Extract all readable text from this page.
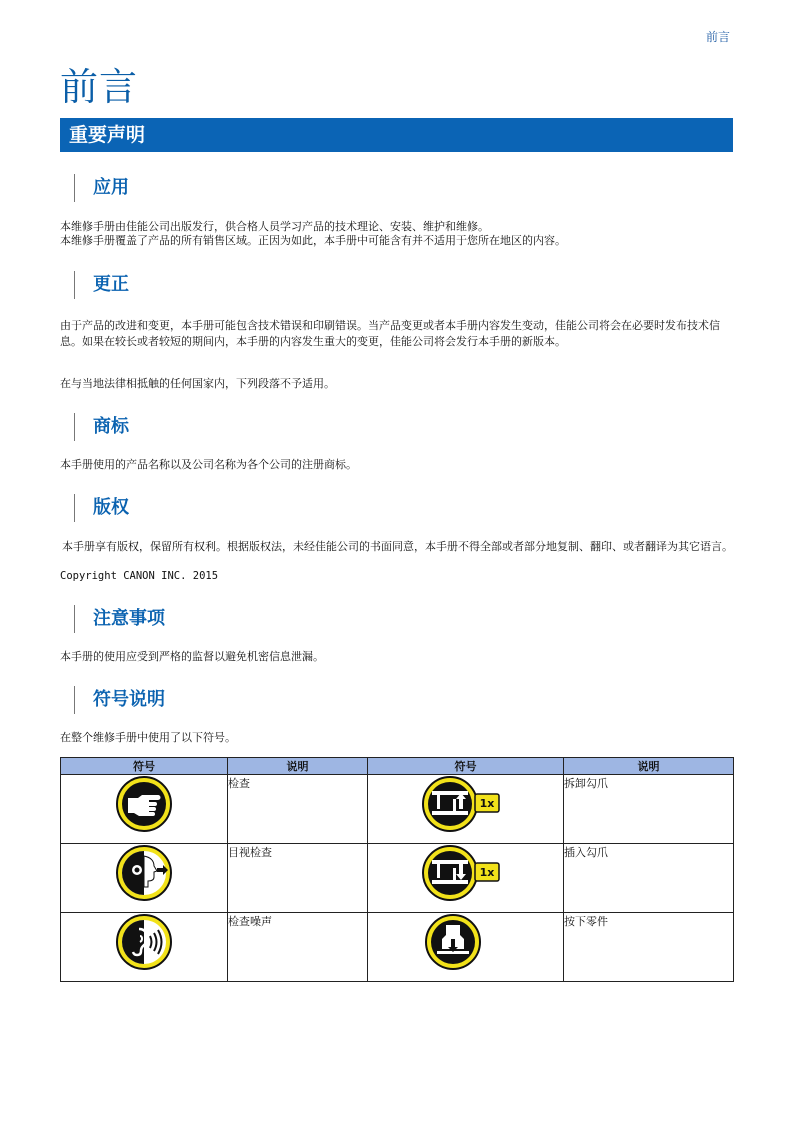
前言
前言
重要声明
应用

本维修手册由佳能公司出版发行，供合格人员学习产品的技术理论、安装、维护和维修。

本维修手册覆盖了产品的所有销售区域。正因为如此，本手册中可能含有并不适用于您所在地区的内容。

更正

由于产品的改进和变更，本手册可能包含技术错误和印刷错误。当产品变更或者本手册内容发生变动，佳能公司将会在必要时发布技术信息。如果在较长或者较短的期间内，本手册的内容发生重大的变更，佳能公司将会发行本手册的新版本。

在与当地法律相抵触的任何国家内，下列段落不予适用。

商标

本手册使用的产品名称以及公司名称为各个公司的注册商标。

版权

本手册享有版权，保留所有权利。根据版权法，未经佳能公司的书面同意，本手册不得全部或者部分地复制、翻印、或者翻译为其它语言。

Copyright CANON INC. 2015

注意事项

本手册的使用应受到严格的监督以避免机密信息泄漏。

符号说明

在整个维修手册中使用了以下符号。

符号	说明	符号	说明

	检查	1x	拆卸勾爪

	目视检查	1x	插入勾爪

	检查噪声		按下零件
